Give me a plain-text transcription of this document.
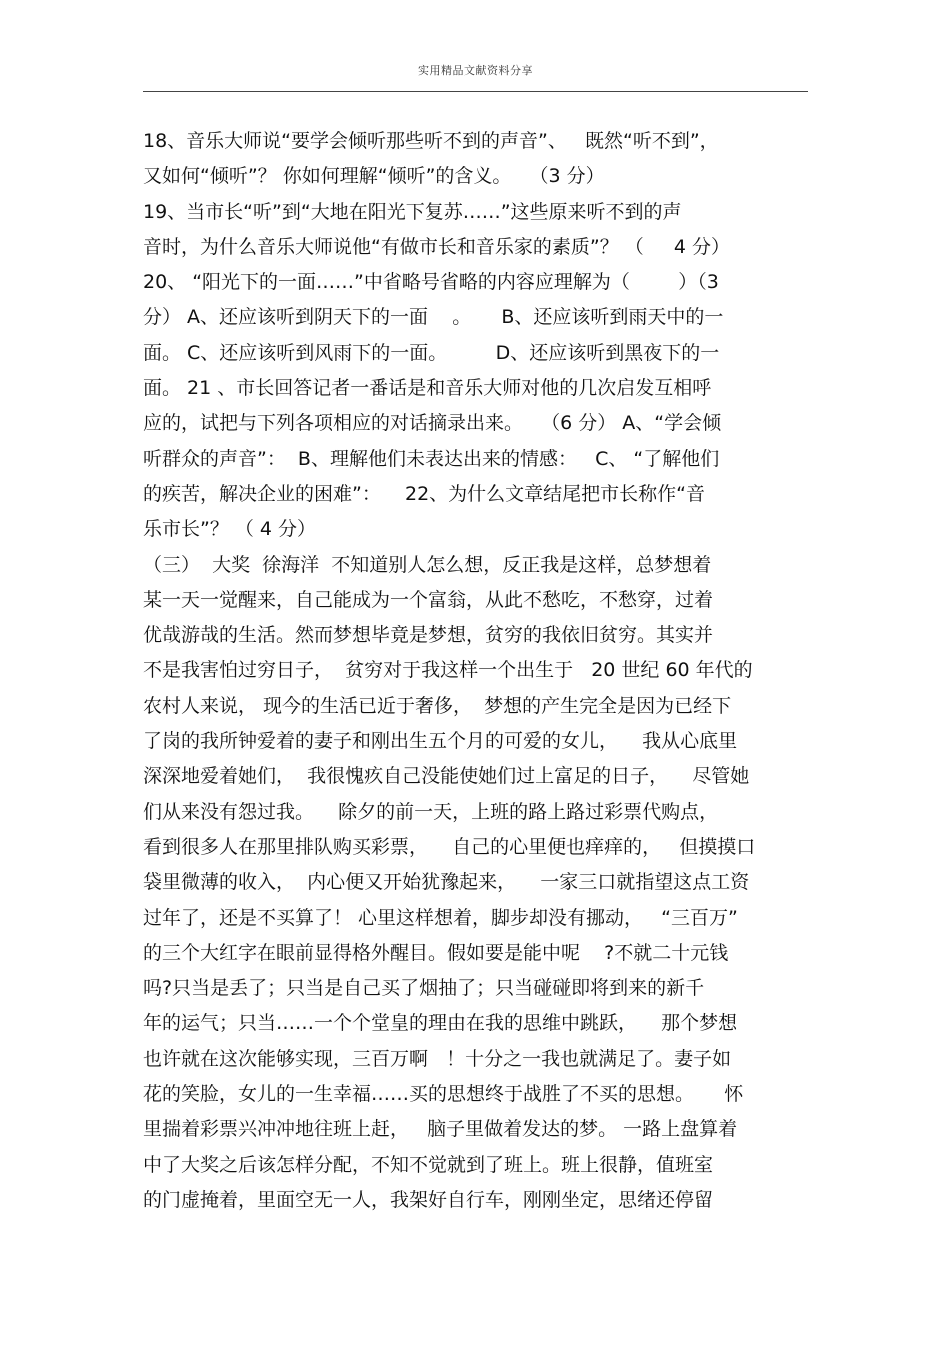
实用精品文献资料分享
18、音乐大师说“要学会倾听那些听不到的声音”、   既然“听不到”，
又如何“倾听”？ 你如何理解“倾听”的含义。   （3 分）
19、当市长“听”到“大地在阳光下复苏……”这些原来听不到的声
音时，为什么音乐大师说他“有做市长和音乐家的素质”？ （     4 分）
20、 “阳光下的一面……”中省略号省略的内容应理解为（        ）（3
分） A、还应该听到阴天下的一面    。     B、还应该听到雨天中的一
面。 C、还应该听到风雨下的一面。        D、还应该听到黑夜下的一
面。 21 、市长回答记者一番话是和音乐大师对他的几次启发互相呼
应的，试把与下列各项相应的对话摘录出来。   （6 分） A、“学会倾
听群众的声音”：  B、理解他们未表达出来的情感：   C、 “了解他们
的疾苦，解决企业的困难”：    22、为什么文章结尾把市长称作“音
乐市长”？ （ 4 分）
（三）  大奖  徐海洋  不知道别人怎么想，反正我是这样，总梦想着
某一天一觉醒来，自己能成为一个富翁，从此不愁吃，不愁穿，过着
优哉游哉的生活。然而梦想毕竟是梦想，贫穷的我依旧贫穷。其实并
不是我害怕过穷日子，  贫穷对于我这样一个出生于   20 世纪 60 年代的
农村人来说， 现今的生活已近于奢侈，  梦想的产生完全是因为已经下
了岗的我所钟爱着的妻子和刚出生五个月的可爱的女儿，    我从心底里
深深地爱着她们，  我很愧疚自己没能使她们过上富足的日子，    尽管她
们从来没有怨过我。    除夕的前一天，上班的路上路过彩票代购点，
看到很多人在那里排队购买彩票，    自己的心里便也痒痒的，   但摸摸口
袋里微薄的收入，  内心便又开始犹豫起来，    一家三口就指望这点工资
过年了，还是不买算了！ 心里这样想着，脚步却没有挪动，   “三百万”
的三个大红字在眼前显得格外醒目。假如要是能中呢    ?不就二十元钱
吗?只当是丢了；只当是自己买了烟抽了；只当碰碰即将到来的新千
年的运气；只当……一个个堂皇的理由在我的思维中跳跃，    那个梦想
也许就在这次能够实现，三百万啊   ！十分之一我也就满足了。妻子如
花的笑脸，女儿的一生幸福……买的思想终于战胜了不买的思想。     怀
里揣着彩票兴冲冲地往班上赶，   脑子里做着发达的梦。 一路上盘算着
中了大奖之后该怎样分配，不知不觉就到了班上。班上很静，值班室
的门虚掩着，里面空无一人，我架好自行车，刚刚坐定，思绪还停留
